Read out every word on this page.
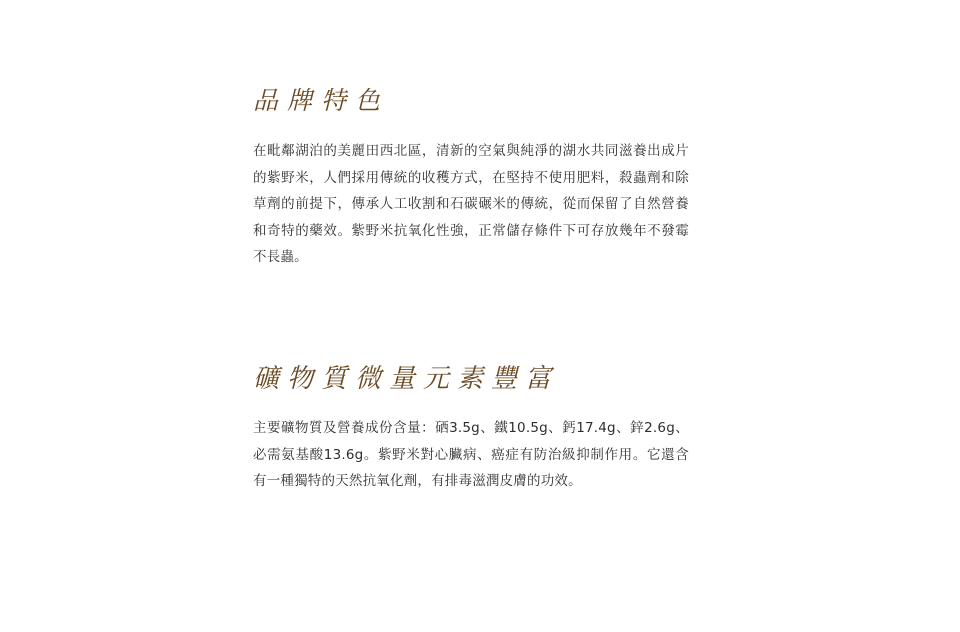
品牌特色

在毗鄰湖泊的美麗田西北區，清新的空氣與純淨的湖水共同滋養出成片的紫野米，人們採用傳統的收穫方式，在堅持不使用肥料，殺蟲劑和除草劑的前提下，傳承人工收割和石碳碾米的傳統，從而保留了自然營養和奇特的藥效。紫野米抗氧化性強，正常儲存條件下可存放幾年不發霉不長蟲。

礦物質微量元素豐富

主要礦物質及營養成份含量：硒3.5g、鐵10.5g、鈣17.4g、鋅2.6g、必需氨基酸13.6g。紫野米對心臟病、癌症有防治級抑制作用。它還含有一種獨特的天然抗氧化劑，有排毒滋潤皮膚的功效。
